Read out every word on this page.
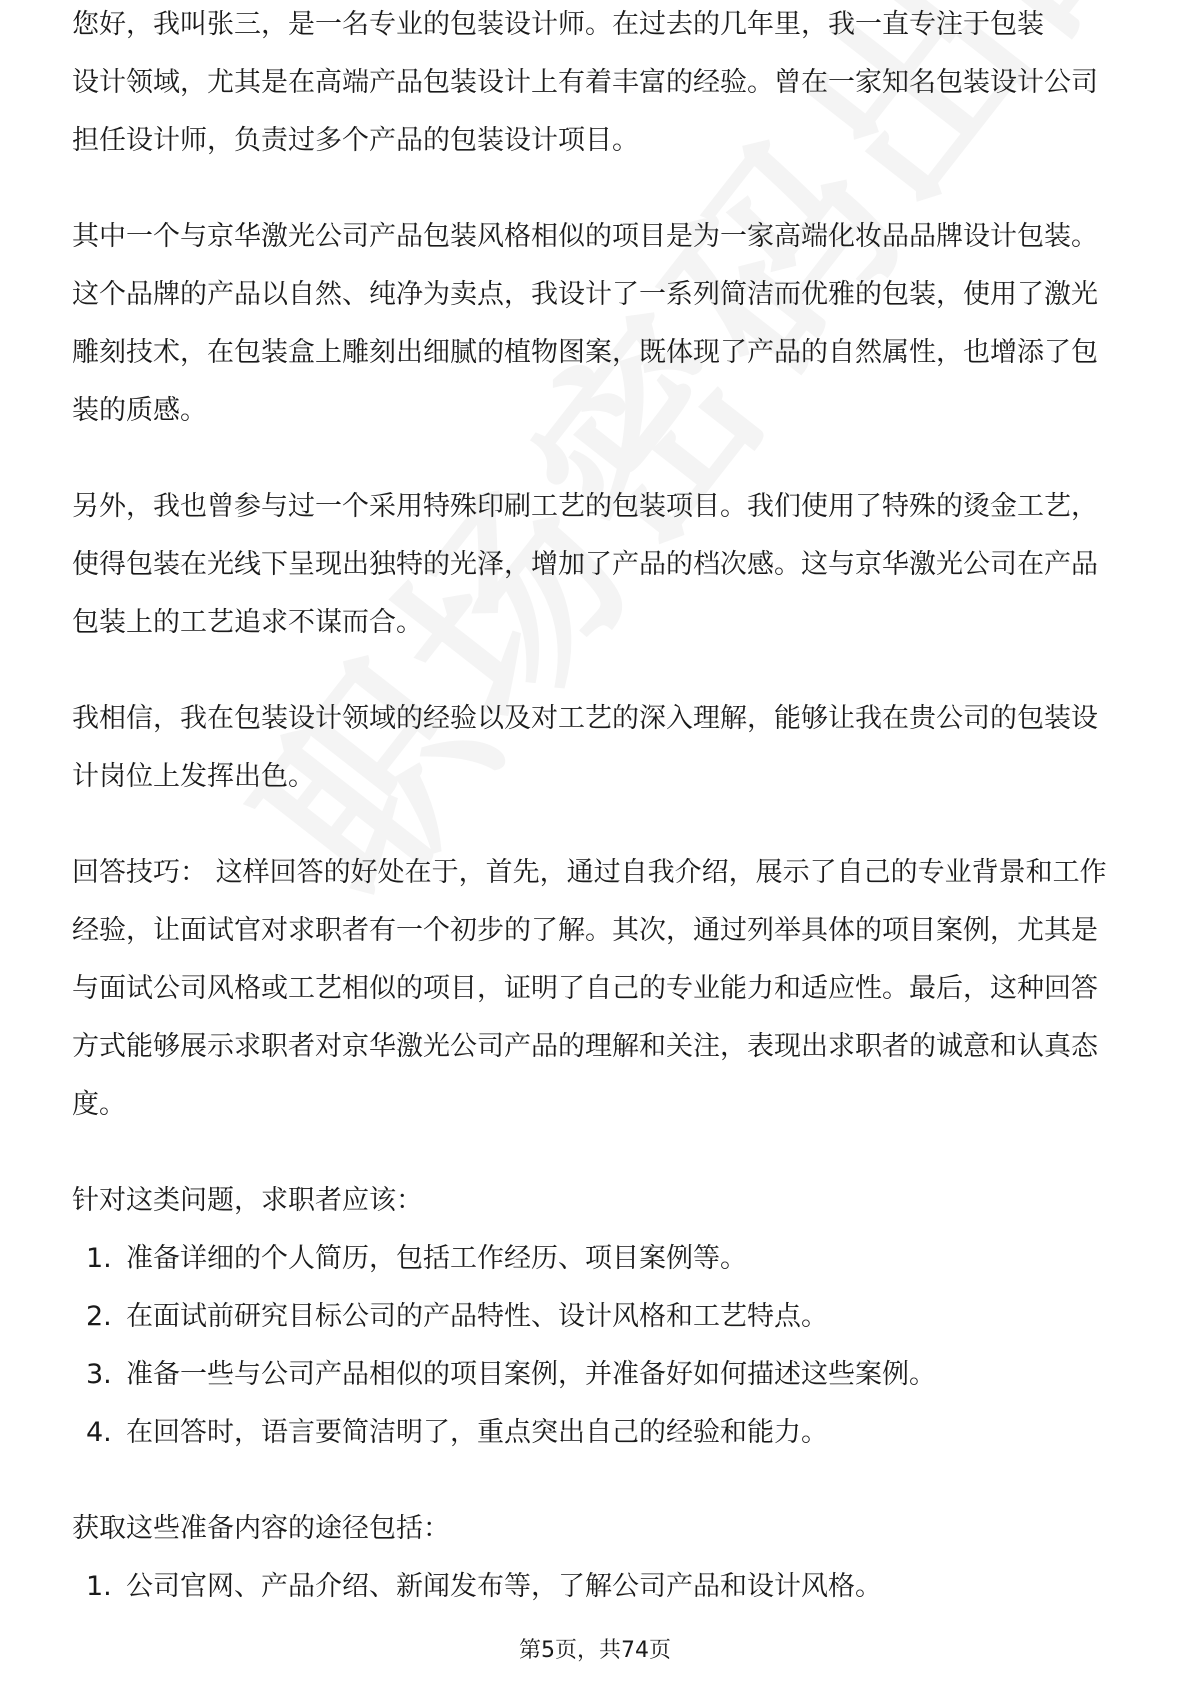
您好，我叫张三，是一名专业的包装设计师。在过去的几年里，我一直专注于包装

设计领域，尤其是在高端产品包装设计上有着丰富的经验。曾在一家知名包装设计公司担任设计师，负责过多个产品的包装设计项目。

其中一个与京华激光公司产品包装风格相似的项目是为一家高端化妆品品牌设计包装。这个品牌的产品以自然、纯净为卖点，我设计了一系列简洁而优雅的包装，使用了激光雕刻技术，在包装盒上雕刻出细腻的植物图案，既体现了产品的自然属性，也增添了包装的质感。

另外，我也曾参与过一个采用特殊印刷工艺的包装项目。我们使用了特殊的烫金工艺，使得包装在光线下呈现出独特的光泽，增加了产品的档次感。这与京华激光公司在产品包装上的工艺追求不谋而合。

我相信，我在包装设计领域的经验以及对工艺的深入理解，能够让我在贵公司的包装设计岗位上发挥出色。

回答技巧： 这样回答的好处在于，首先，通过自我介绍，展示了自己的专业背景和工作经验，让面试官对求职者有一个初步的了解。其次，通过列举具体的项目案例，尤其是与面试公司风格或工艺相似的项目，证明了自己的专业能力和适应性。最后，这种回答方式能够展示求职者对京华激光公司产品的理解和关注，表现出求职者的诚意和认真态度。

针对这类问题，求职者应该：

1. 准备详细的个人简历，包括工作经历、项目案例等。
2. 在面试前研究目标公司的产品特性、设计风格和工艺特点。
3. 准备一些与公司产品相似的项目案例，并准备好如何描述这些案例。
4. 在回答时，语言要简洁明了，重点突出自己的经验和能力。

获取这些准备内容的途径包括：

1. 公司官网、产品介绍、新闻发布等，了解公司产品和设计风格。
第5页，共74页
